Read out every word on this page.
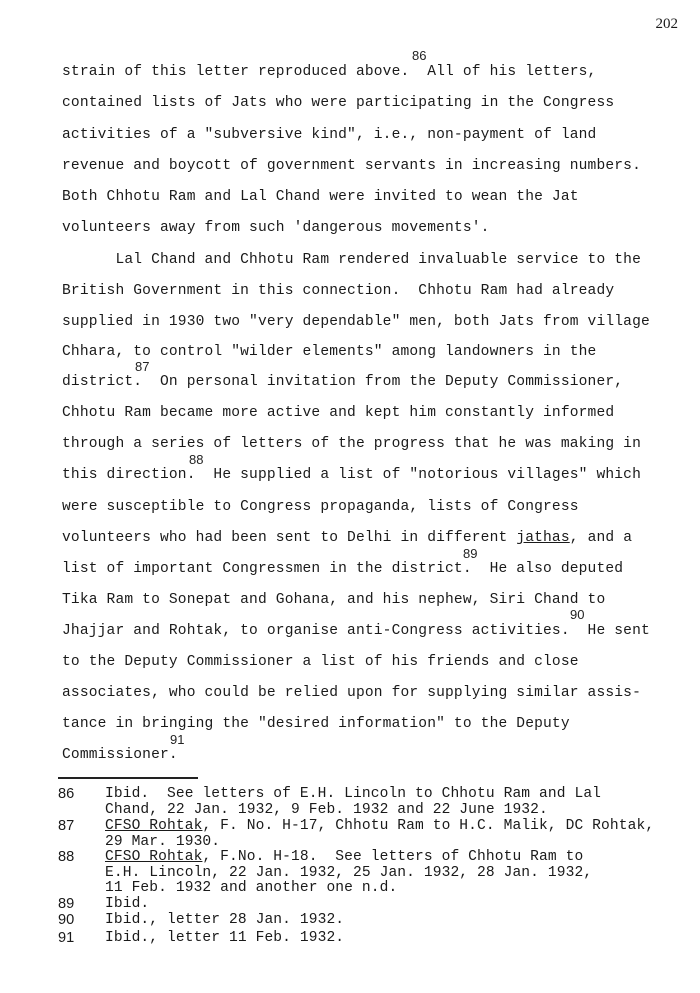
202
strain of this letter reproduced above.  All of his letters,
contained lists of Jats who were participating in the Congress
activities of a "subversive kind", i.e., non-payment of land
revenue and boycott of government servants in increasing numbers.
Both Chhotu Ram and Lal Chand were invited to wean the Jat
volunteers away from such 'dangerous movements'.
Lal Chand and Chhotu Ram rendered invaluable service to the
British Government in this connection.  Chhotu Ram had already
supplied in 1930 two "very dependable" men, both Jats from village
Chhara, to control "wilder elements" among landowners in the
district.  On personal invitation from the Deputy Commissioner,
Chhotu Ram became more active and kept him constantly informed
through a series of letters of the progress that he was making in
this direction.  He supplied a list of "notorious villages" which
were susceptible to Congress propaganda, lists of Congress
volunteers who had been sent to Delhi in different jathas, and a
list of important Congressmen in the district.  He also deputed
Tika Ram to Sonepat and Gohana, and his nephew, Siri Chand to
Jhajjar and Rohtak, to organise anti-Congress activities.  He sent
to the Deputy Commissioner a list of his friends and close
associates, who could be relied upon for supplying similar assis-
tance in bringing the "desired information" to the Deputy
Commissioner.
86
87
88
89
90
91
86 Ibid.  See letters of E.H. Lincoln to Chhotu Ram and Lal
Chand, 22 Jan. 1932, 9 Feb. 1932 and 22 June 1932.
87 CFSO Rohtak, F. No. H-17, Chhotu Ram to H.C. Malik, DC Rohtak,
29 Mar. 1930.
88 CFSO Rohtak, F.No. H-18.  See letters of Chhotu Ram to
E.H. Lincoln, 22 Jan. 1932, 25 Jan. 1932, 28 Jan. 1932,
11 Feb. 1932 and another one n.d.
89 Ibid.
90 Ibid., letter 28 Jan. 1932.
91 Ibid., letter 11 Feb. 1932.
